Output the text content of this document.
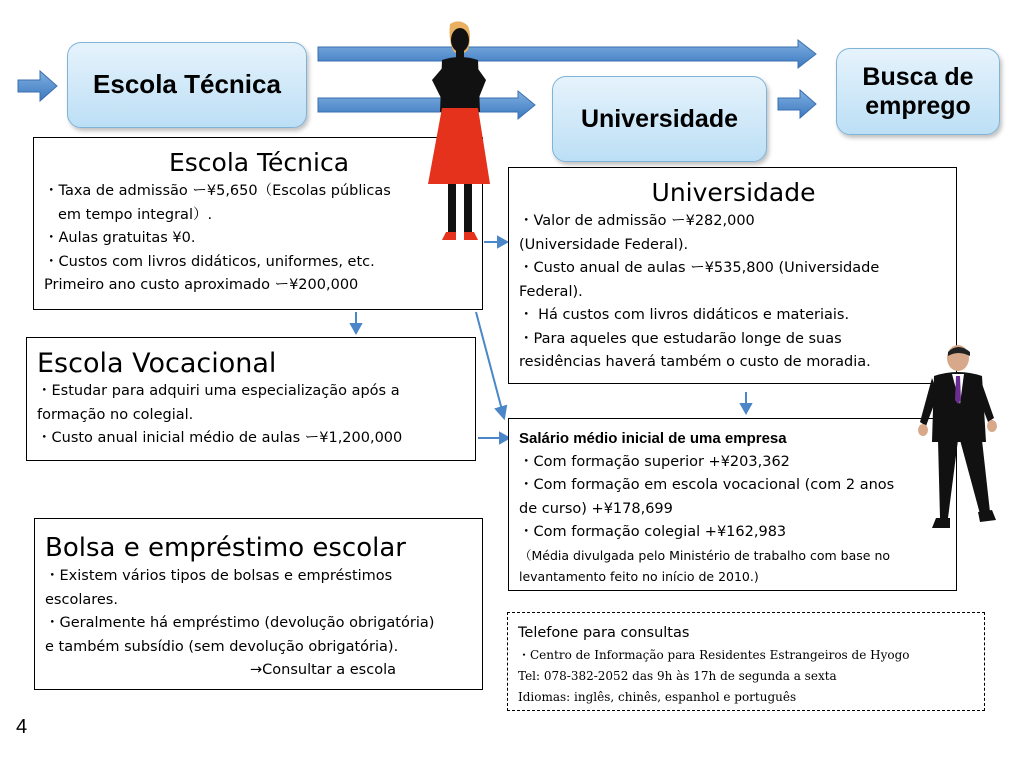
Escola Técnica
Universidade
Busca de emprego
Escola Técnica
・Taxa de admissão ー¥5,650（Escolas públicas
em tempo integral）.
・Aulas gratuitas ¥0.
・Custos com livros didáticos, uniformes, etc.
Primeiro ano custo aproximado ー¥200,000
Universidade
・Valor de admissão ー¥282,000
(Universidade Federal).
・Custo anual de aulas ー¥535,800 (Universidade
Federal).
・ Há custos com livros didáticos e materiais.
・Para aqueles que estudarão longe de suas
residências haverá também o custo de moradia.
Escola Vocacional
・Estudar para adquiri uma especialização após a
formação no colegial.
・Custo anual inicial médio de aulas ー¥1,200,000	Salário médio inicial de uma empresa
・Com formação superior +¥203,362
・Com formação em escola vocacional (com 2 anos
de curso) +¥178,699
・Com formação colegial +¥162,983
（Média divulgada pelo Ministério de trabalho com base no
levantamento feito no início de 2010.)
Bolsa e empréstimo escolar
・Existem vários tipos de bolsas e empréstimos
escolares.
・Geralmente há empréstimo (devolução obrigatória)
e também subsídio (sem devolução obrigatória).
→Consultar a escola
Telefone para consultas
・Centro de Informação para Residentes Estrangeiros de Hyogo
Tel: 078-382-2052 das 9h às 17h de segunda a sexta
Idiomas: inglês, chinês, espanhol e português
4
